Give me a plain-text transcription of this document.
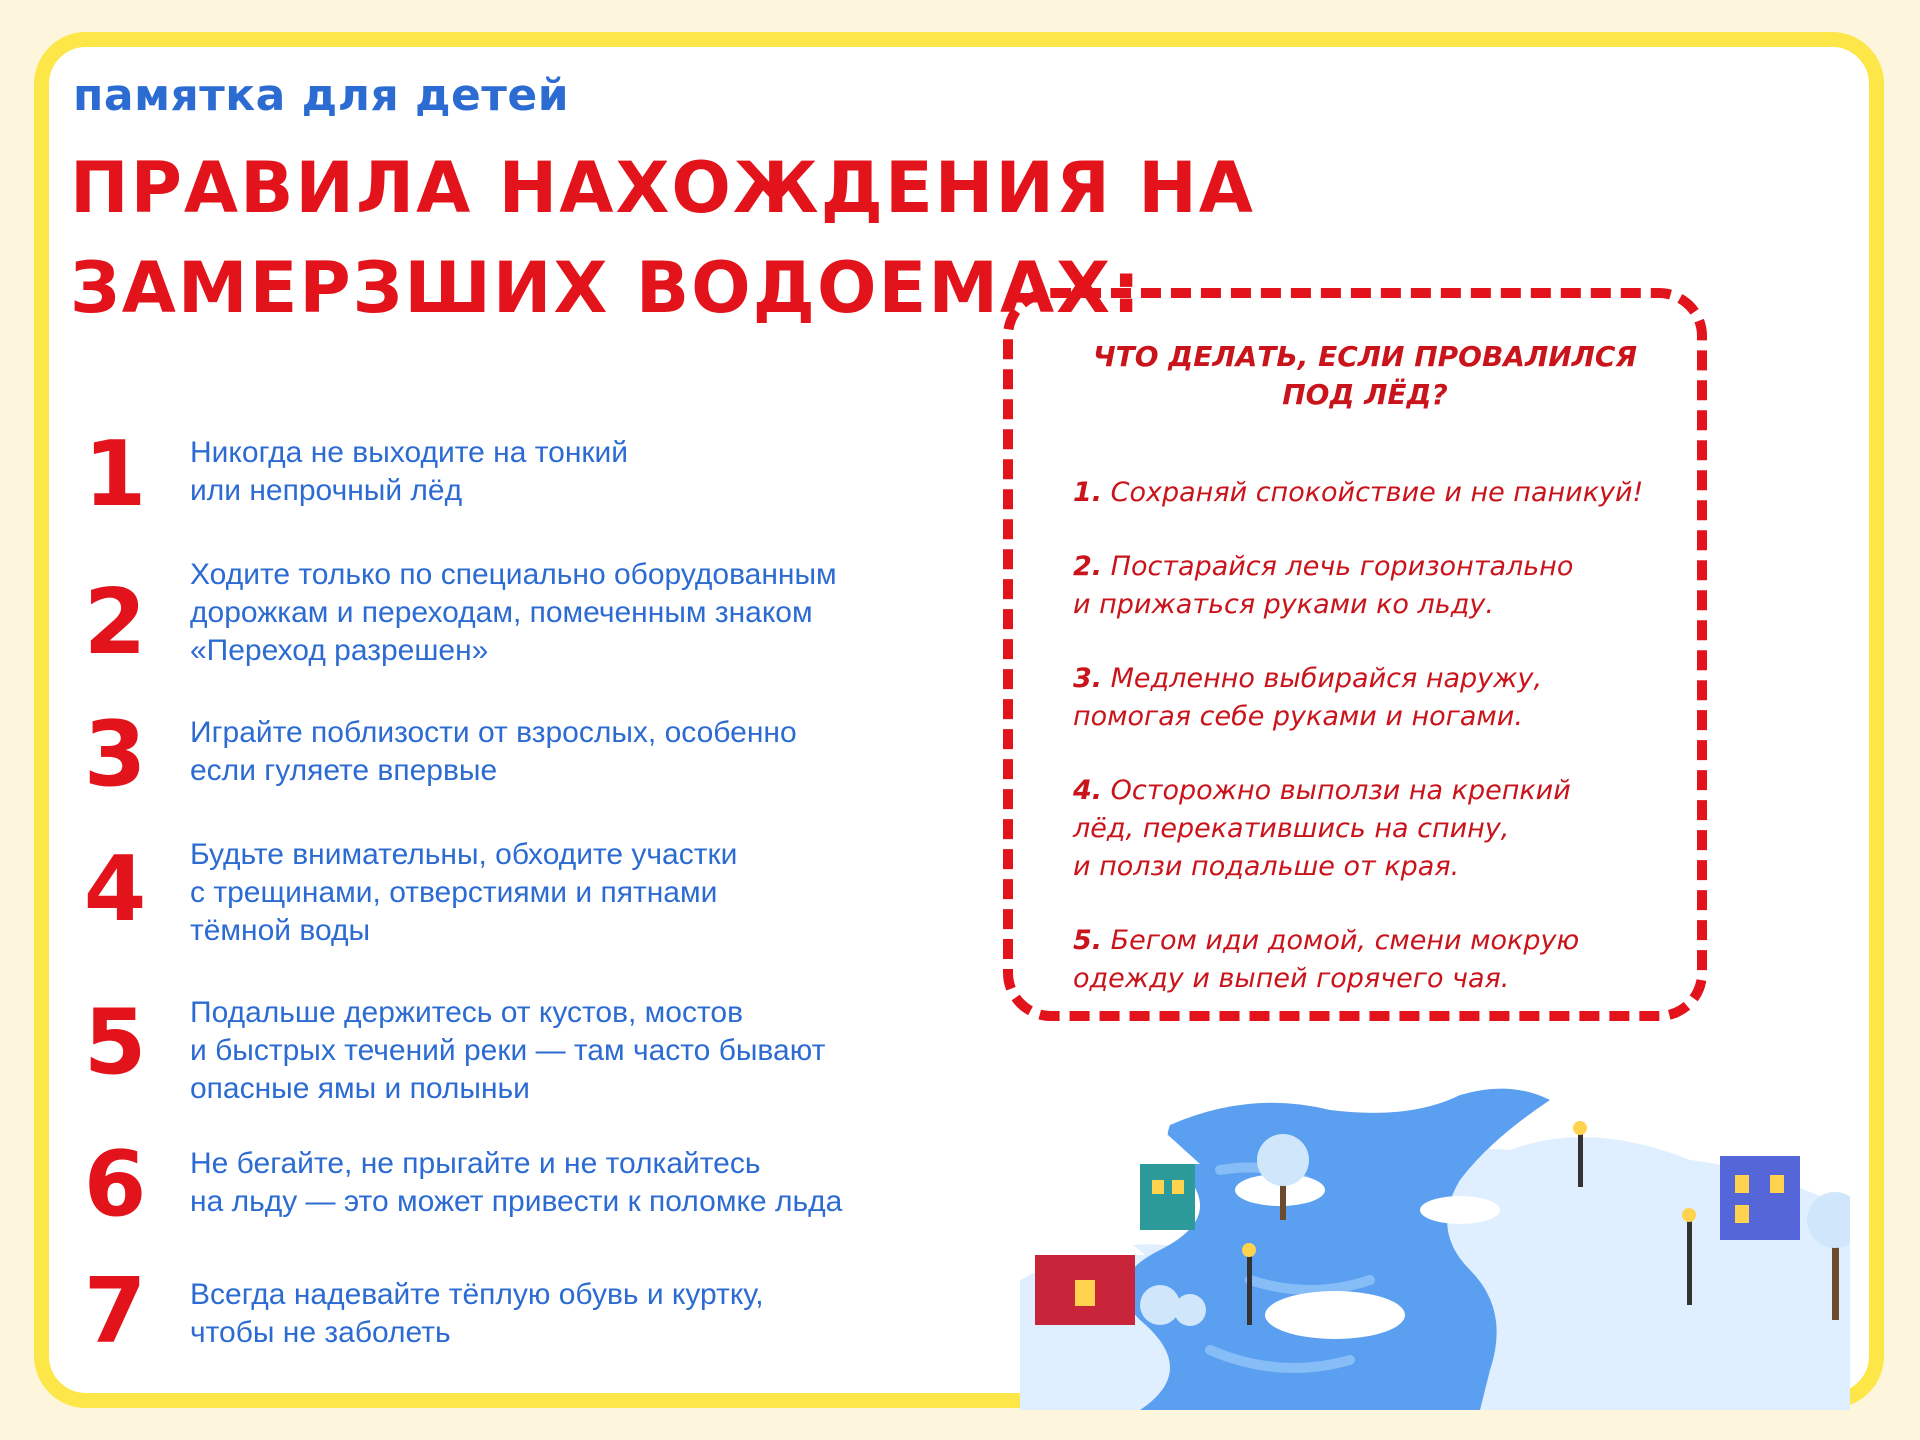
памятка для детей
ПРАВИЛА НАХОЖДЕНИЯ НА ЗАМЕРЗШИХ ВОДОЕМАХ:
1	Никогда не выходите на тонкий
или непрочный лёд
2	Ходите только по специально оборудованным
дорожкам и переходам, помеченным знаком
«Переход разрешен»
3	Играйте поблизости от взрослых, особенно
если гуляете впервые
4	Будьте внимательны, обходите участки
с трещинами, отверстиями и пятнами
тёмной воды
5	Подальше держитесь от кустов, мостов
и быстрых течений реки — там часто бывают
опасные ямы и полыньи
6	Не бегайте, не прыгайте и не толкайтесь
на льду — это может привести к поломке льда
7	Всегда надевайте тёплую обувь и куртку,
чтобы не заболеть
ЧТО ДЕЛАТЬ, ЕСЛИ ПРОВАЛИЛСЯ
ПОД ЛЁД?
1. Сохраняй спокойствие и не паникуй!
2. Постарайся лечь горизонтально
и прижаться руками ко льду.
3. Медленно выбирайся наружу,
помогая себе руками и ногами.
4. Осторожно выползи на крепкий
лёд, перекатившись на спину,
и ползи подальше от края.
5. Бегом иди домой, смени мокрую
одежду и выпей горячего чая.
